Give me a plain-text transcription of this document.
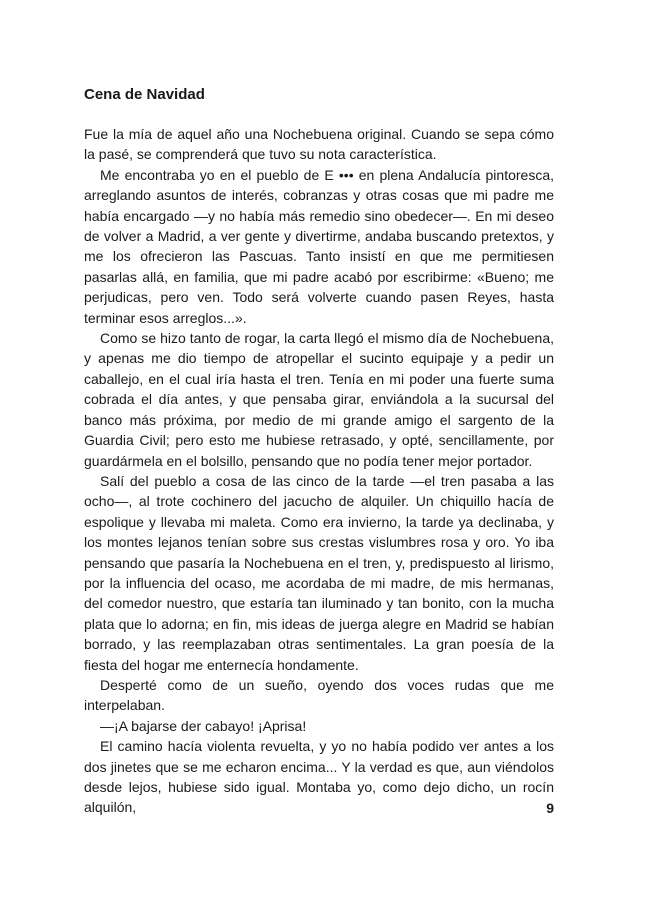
Cena de Navidad

Fue la mía de aquel año una Nochebuena original. Cuando se sepa cómo la pasé, se comprenderá que tuvo su nota característica.

Me encontraba yo en el pueblo de E ••• en plena Andalucía pintoresca, arreglando asuntos de interés, cobranzas y otras cosas que mi padre me había encargado —y no había más remedio sino obedecer—. En mi deseo de volver a Madrid, a ver gente y divertirme, andaba buscando pretextos, y me los ofrecieron las Pascuas. Tanto insistí en que me permitiesen pasarlas allá, en familia, que mi padre acabó por escribirme: «Bueno; me perjudicas, pero ven. Todo será volverte cuando pasen Reyes, hasta terminar esos arreglos...».

Como se hizo tanto de rogar, la carta llegó el mismo día de Nochebuena, y apenas me dio tiempo de atropellar el sucinto equipaje y a pedir un caballejo, en el cual iría hasta el tren. Tenía en mi poder una fuerte suma cobrada el día antes, y que pensaba girar, enviándola a la sucursal del banco más próxima, por medio de mi grande amigo el sargento de la Guardia Civil; pero esto me hubiese retrasado, y opté, sencillamente, por guardármela en el bolsillo, pensando que no podía tener mejor portador.

Salí del pueblo a cosa de las cinco de la tarde —el tren pasaba a las ocho—, al trote cochinero del jacucho de alquiler. Un chiquillo hacía de espolique y llevaba mi maleta. Como era invierno, la tarde ya declinaba, y los montes lejanos tenían sobre sus crestas vislumbres rosa y oro. Yo iba pensando que pasaría la Nochebuena en el tren, y, predispuesto al lirismo, por la influencia del ocaso, me acordaba de mi madre, de mis hermanas, del comedor nuestro, que estaría tan iluminado y tan bonito, con la mucha plata que lo adorna; en fin, mis ideas de juerga alegre en Madrid se habían borrado, y las reemplazaban otras sentimentales. La gran poesía de la fiesta del hogar me enternecía hondamente.

Desperté como de un sueño, oyendo dos voces rudas que me interpelaban.

—¡A bajarse der cabayo! ¡Aprisa!

El camino hacía violenta revuelta, y yo no había podido ver antes a los dos jinetes que se me echaron encima... Y la verdad es que, aun viéndolos desde lejos, hubiese sido igual. Montaba yo, como dejo dicho, un rocín alquilón,	9
